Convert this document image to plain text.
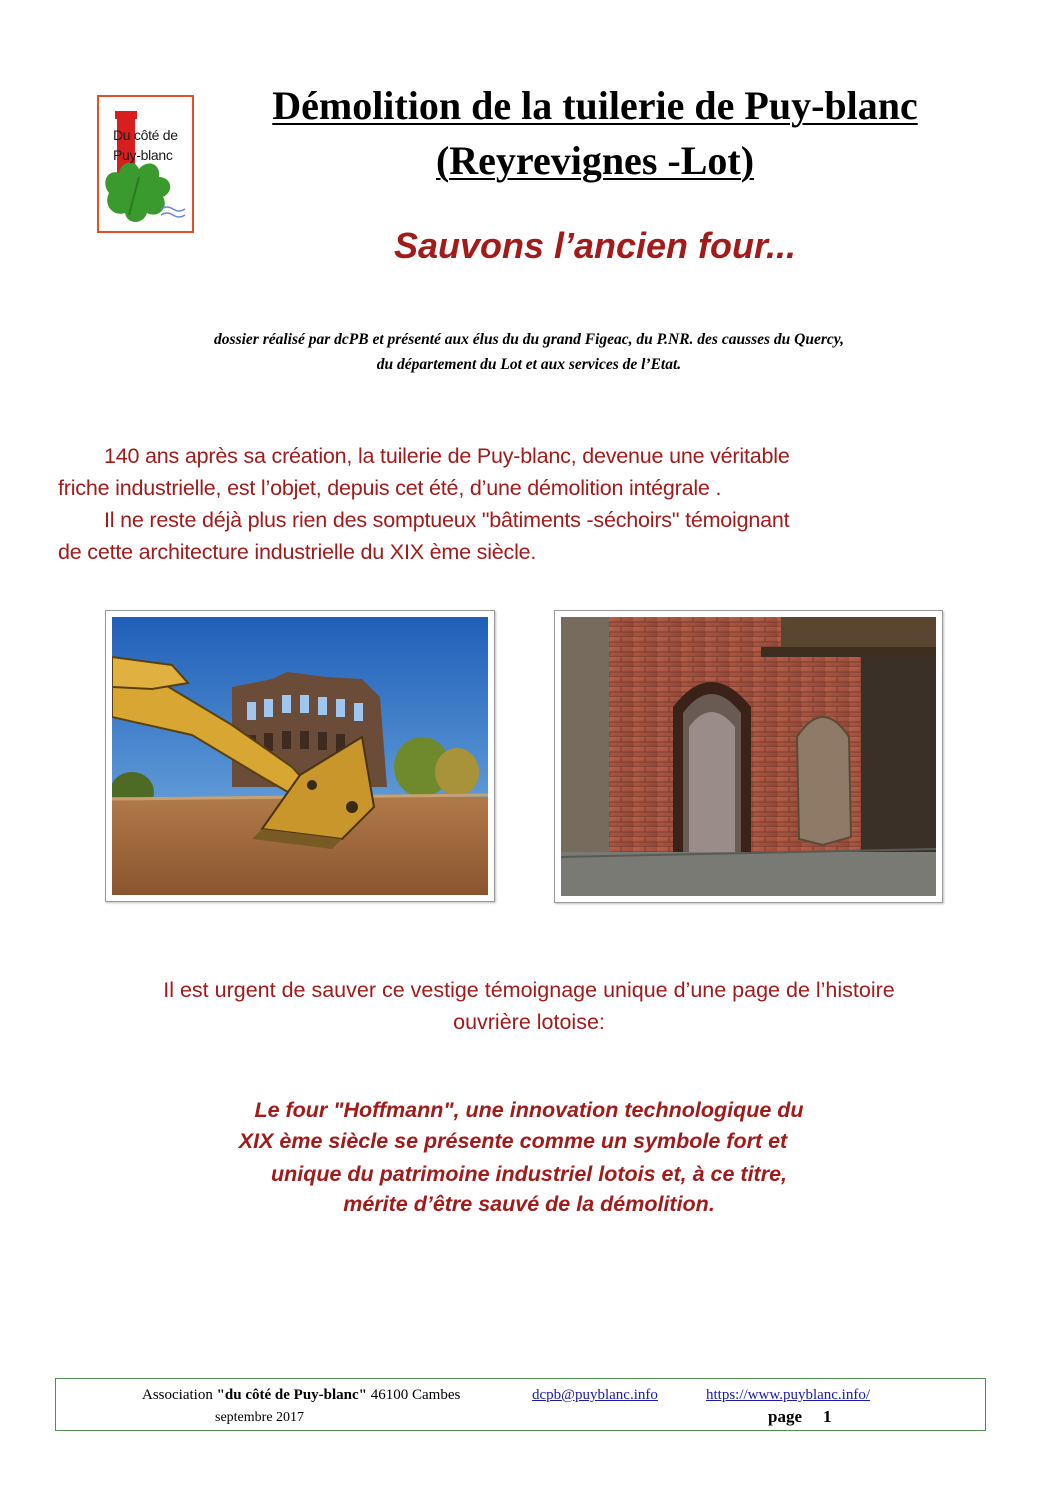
Du côté de
Puy-blanc
Démolition de la tuilerie de Puy-blanc
(Reyrevignes -Lot)
Sauvons l’ancien four...
dossier réalisé par dcPB et présenté aux élus du du grand Figeac, du P.NR. des causses du Quercy,
du département du Lot et aux services de l’Etat.
140 ans après sa création, la tuilerie de Puy-blanc, devenue une véritable
friche industrielle, est l’objet, depuis cet été, d’une démolition intégrale .
Il ne reste déjà plus rien des somptueux "bâtiments -séchoirs" témoignant
de cette architecture industrielle du XIX ème siècle.
Il est urgent de sauver ce vestige témoignage unique d’une page de l’histoire
ouvrière lotoise:
Le four "Hoffmann", une innovation technologique du
XIX ème siècle se présente comme un symbole fort et
unique du patrimoine industriel lotois et, à ce titre,
mérite d’être sauvé de la démolition.
Association "du côté de Puy-blanc" 46100 Cambes	dcpb@puyblanc.info	https://www.puyblanc.info/
septembre 2017	page 1
